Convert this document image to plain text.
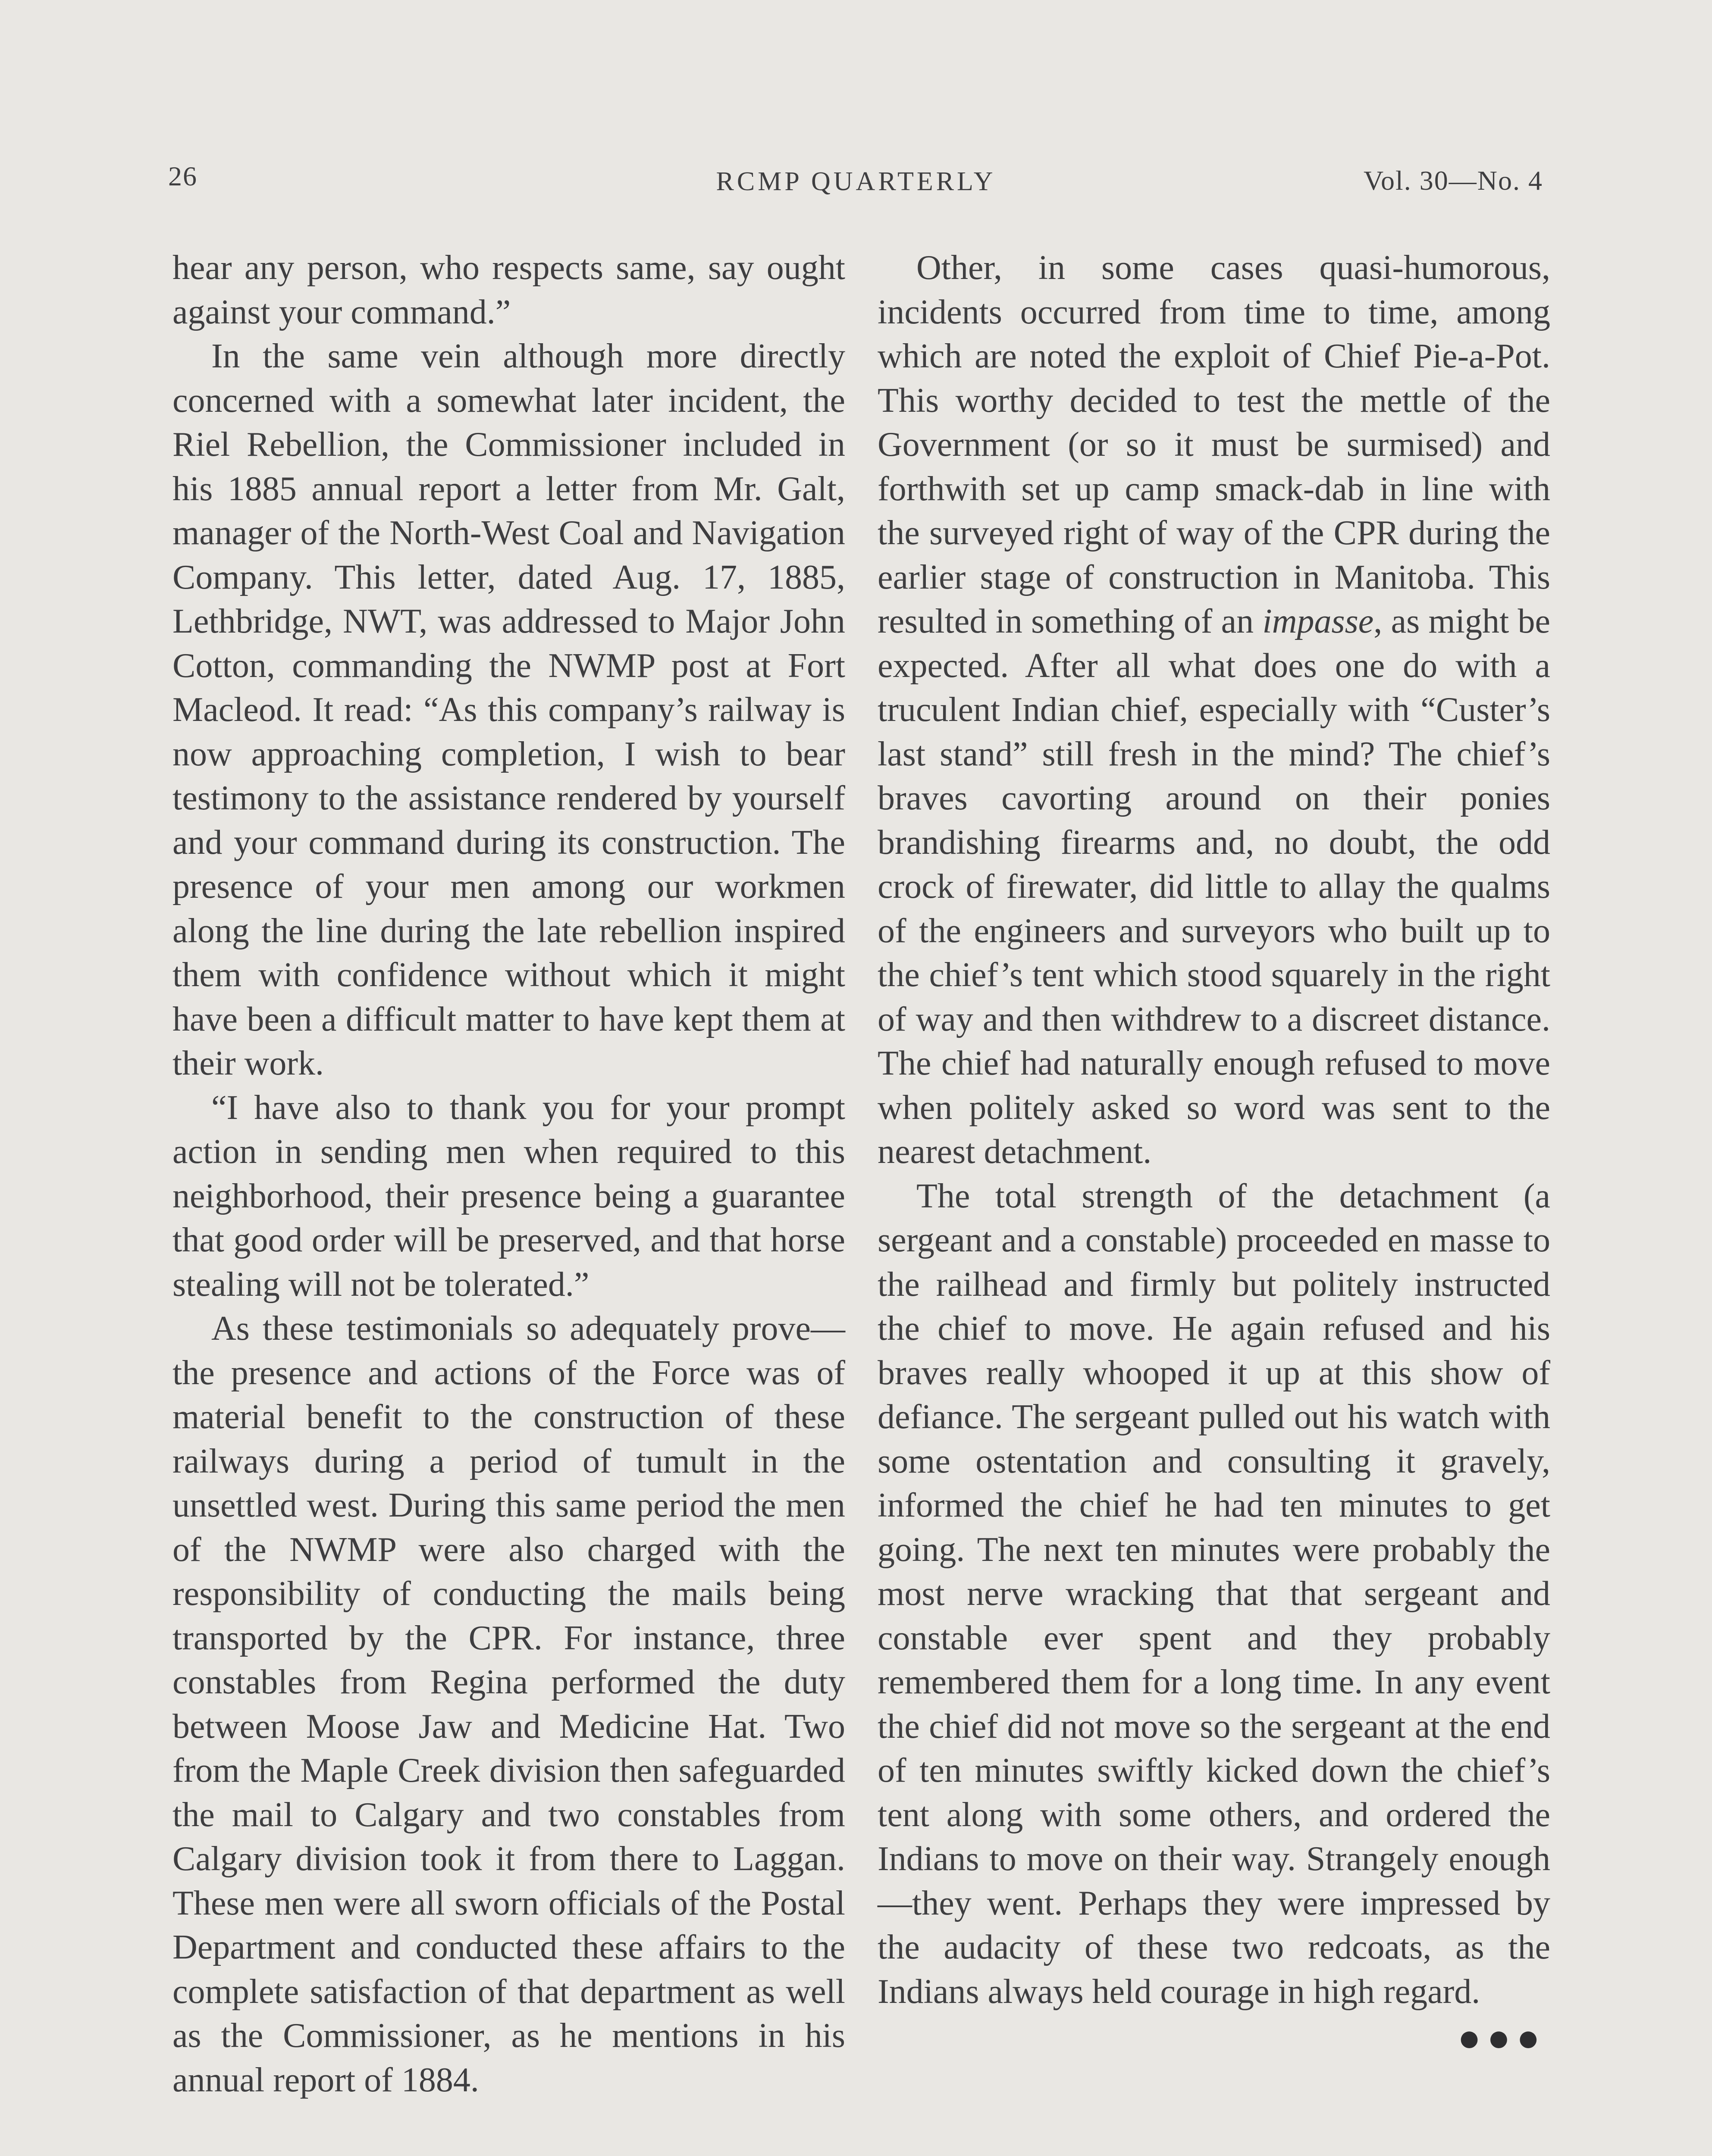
26	RCMP QUARTERLY	Vol. 30—No. 4

hear any person, who respects same, say ought against your command.”

In the same vein although more directly concerned with a somewhat later incident, the Riel Rebellion, the Commissioner included in his 1885 annual report a letter from Mr. Galt, manager of the North-West Coal and Navigation Company. This letter, dated Aug. 17, 1885, Lethbridge, NWT, was addressed to Major John Cotton, commanding the NWMP post at Fort Macleod. It read: “As this company’s railway is now approaching completion, I wish to bear testimony to the assistance rendered by yourself and your command during its construction. The presence of your men among our workmen along the line during the late rebellion inspired them with confidence without which it might have been a difficult matter to have kept them at their work.

“I have also to thank you for your prompt action in sending men when required to this neighborhood, their presence being a guarantee that good order will be preserved, and that horse stealing will not be tolerated.”

As these testimonials so adequately prove—the presence and actions of the Force was of material benefit to the construction of these railways during a period of tumult in the unsettled west. During this same period the men of the NWMP were also charged with the responsibility of conducting the mails being transported by the CPR. For instance, three constables from Regina performed the duty between Moose Jaw and Medicine Hat. Two from the Maple Creek division then safeguarded the mail to Calgary and two constables from Calgary division took it from there to Laggan. These men were all sworn officials of the Postal Department and conducted these affairs to the complete satisfaction of that department as well as the Commissioner, as he mentions in his annual report of 1884.

Other, in some cases quasi-humorous, incidents occurred from time to time, among which are noted the exploit of Chief Pie-a-Pot. This worthy decided to test the mettle of the Government (or so it must be surmised) and forthwith set up camp smack-dab in line with the surveyed right of way of the CPR during the earlier stage of construction in Manitoba. This resulted in something of an impasse, as might be expected. After all what does one do with a truculent Indian chief, especially with “Custer’s last stand” still fresh in the mind? The chief’s braves cavorting around on their ponies brandishing firearms and, no doubt, the odd crock of firewater, did little to allay the qualms of the engineers and surveyors who built up to the chief’s tent which stood squarely in the right of way and then withdrew to a discreet distance. The chief had naturally enough refused to move when politely asked so word was sent to the nearest detachment.

The total strength of the detachment (a sergeant and a constable) proceeded en masse to the railhead and firmly but politely instructed the chief to move. He again refused and his braves really whooped it up at this show of defiance. The sergeant pulled out his watch with some ostentation and consulting it gravely, informed the chief he had ten minutes to get going. The next ten minutes were probably the most nerve wracking that that sergeant and constable ever spent and they probably remembered them for a long time. In any event the chief did not move so the sergeant at the end of ten minutes swiftly kicked down the chief’s tent along with some others, and ordered the Indians to move on their way. Strangely enough—they went. Perhaps they were impressed by the audacity of these two redcoats, as the Indians always held courage in high regard.

●●●
